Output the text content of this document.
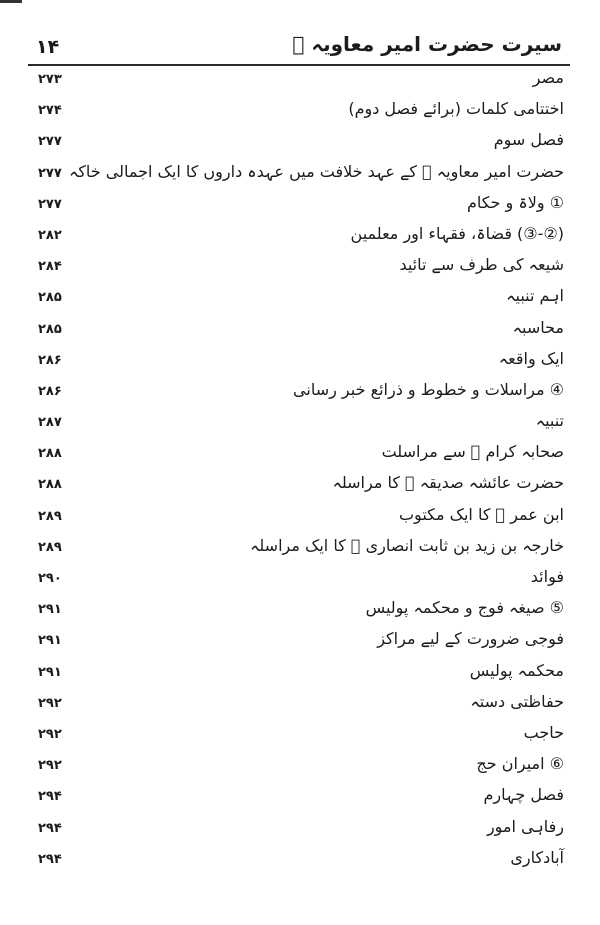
۱۴	سیرت حضرت امیر معاویہ ﷜
۲۷۳	مصر
۲۷۴	اختتامی کلمات (برائے فصل دوم)
۲۷۷	فصل سوم
۲۷۷ حضرت امیر معاویہ ﷜ کے عہد خلافت میں عہدہ داروں کا ایک اجمالی خاکہ
۲۷۷	① ولاۃ و حکام
۲۸۲	(②-③) قضاۃ، فقہاء اور معلمین
۲۸۴	شیعہ کی طرف سے تائید
۲۸۵	اہم تنبیہ
۲۸۵	محاسبہ
۲۸۶	ایک واقعہ
۲۸۶	④ مراسلات و خطوط و ذرائع خبر رسانی
۲۸۷	تنبیہ
۲۸۸	صحابہ کرام ﷡ سے مراسلت
۲۸۸	حضرت عائشہ صدیقہ ﷞ کا مراسلہ
۲۸۹	ابن عمر ﷞ کا ایک مکتوب
۲۸۹	خارجہ بن زید بن ثابت انصاری ﷜ کا ایک مراسلہ
۲۹۰	فوائد
۲۹۱	⑤ صیغہ فوج و محکمہ پولیس
۲۹۱	فوجی ضرورت کے لیے مراکز
۲۹۱	محکمہ پولیس
۲۹۲	حفاظتی دستہ
۲۹۲	حاجب
۲۹۲	⑥ امیران حج
۲۹۴	فصل چہارم
۲۹۴	رفاہی امور
۲۹۴	آبادکاری
